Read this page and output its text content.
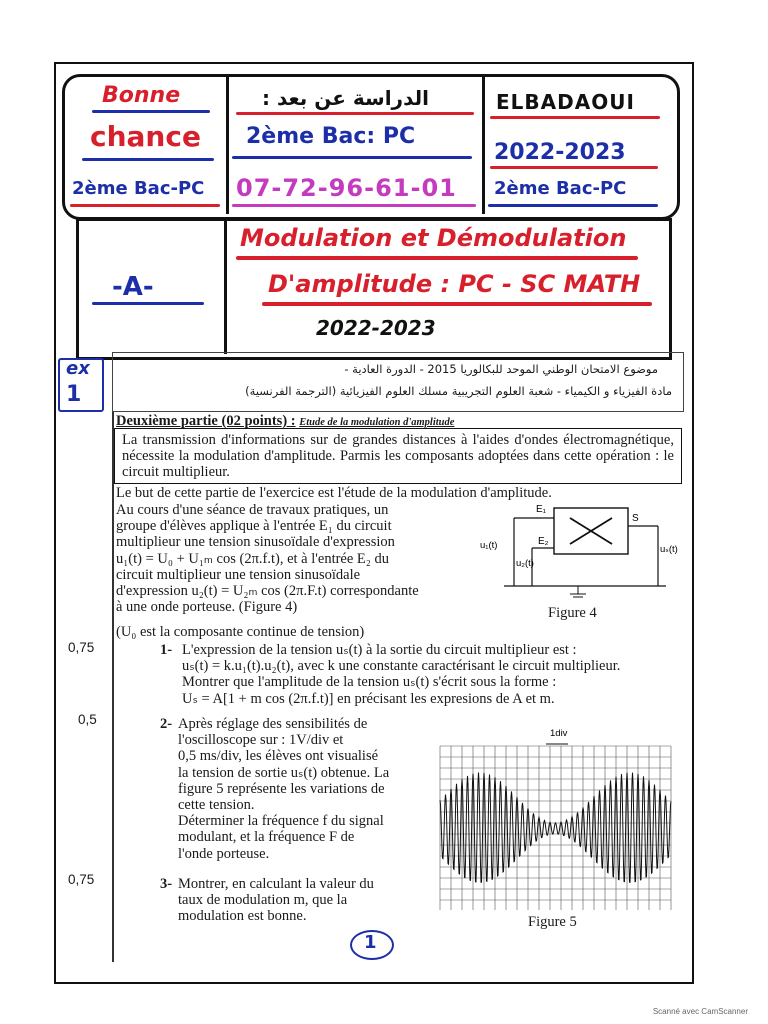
Bonne
chance
2ème Bac-PC
الدراسة عن بعد :
2ème Bac: PC
07-72-96-61-01
ELBADAOUI
2022-2023
2ème Bac-PC
-A-
Modulation et Démodulation
D'amplitude : PC - SC MATH
2022-2023
ex
1
موضوع الامتحان الوطني الموحد للبكالوريا 2015 - الدورة العادية -
مادة الفيزياء و الكيمياء - شعبة العلوم التجريبية مسلك العلوم الفيزيائية (الترجمة الفرنسية)
Deuxième partie (02 points) : Etude de la modulation d'amplitude
La transmission d'informations sur de grandes distances à l'aides d'ondes électromagnétique, nécessite la modulation d'amplitude. Parmis les composants adoptées dans cette opération : le circuit multiplieur.
Le but de cette partie de l'exercice est l'étude de la modulation d'amplitude.
Au cours d'une séance de travaux pratiques, un
groupe d'élèves applique à l'entrée E₁ du circuit
multiplieur une tension sinusoïdale d'expression
u₁(t) = U₀ + U₁ₘ cos (2π.f.t), et à l'entrée E₂ du
circuit multiplieur une tension sinusoïdale
d'expression u₂(t) = U₂ₘ cos (2π.F.t) correspondante
à une onde porteuse. (Figure 4)
(U₀ est la composante continue de tension)
E₁
E₂
S
u₁(t)
u₂(t)
uₛ(t)
Figure 4
0,75	1- L'expression de la tension uₛ(t) à la sortie du circuit multiplieur est :
uₛ(t) = k.u₁(t).u₂(t), avec k une constante caractérisant le circuit multiplieur.
Montrer que l'amplitude de la tension uₛ(t) s'écrit sous la forme :
Uₛ = A[1 + m cos (2π.f.t)] en précisant les expresions de A et m.
0,5	2- Après réglage des sensibilités de
l'oscilloscope sur : 1V/div et
0,5 ms/div, les élèves ont visualisé
la tension de sortie uₛ(t) obtenue. La
figure 5 représente les variations de
cette tension.
Déterminer la fréquence f du signal
modulant, et la fréquence F de
l'onde porteuse.
0,75	3- Montrer, en calculant la valeur du
taux de modulation m, que la
modulation est bonne.
1div
Figure 5
1
Scanné avec CamScanner
